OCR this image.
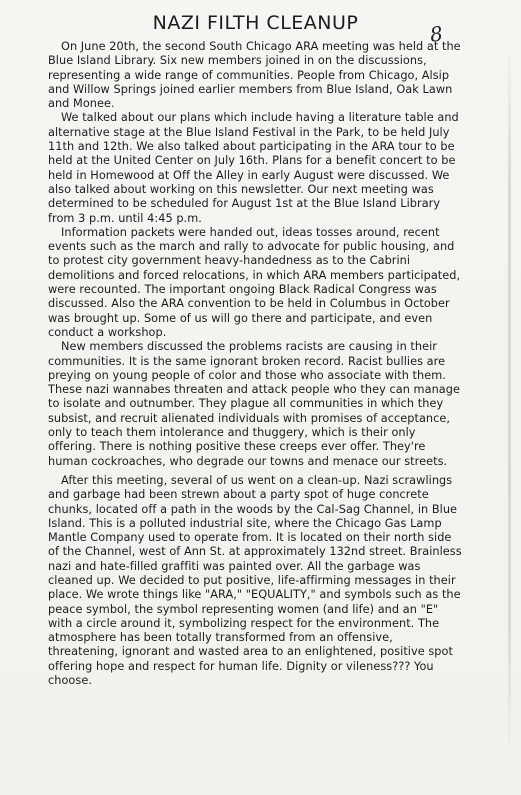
NAZI FILTH CLEANUP	8

On June 20th, the second South Chicago ARA meeting was held at the Blue Island Library. Six new members joined in on the discussions, representing a wide range of communities. People from Chicago, Alsip and Willow Springs joined earlier members from Blue Island, Oak Lawn and Monee.

We talked about our plans which include having a literature table and alternative stage at the Blue Island Festival in the Park, to be held July 11th and 12th. We also talked about participating in the ARA tour to be held at the United Center on July 16th. Plans for a benefit concert to be held in Homewood at Off the Alley in early August were discussed. We also talked about working on this newsletter. Our next meeting was determined to be scheduled for August 1st at the Blue Island Library from 3 p.m. until 4:45 p.m.

Information packets were handed out, ideas tosses around, recent events such as the march and rally to advocate for public housing, and to protest city government heavy-handedness as to the Cabrini demolitions and forced relocations, in which ARA members participated, were recounted. The important ongoing Black Radical Congress was discussed. Also the ARA convention to be held in Columbus in October was brought up. Some of us will go there and participate, and even conduct a workshop.

New members discussed the problems racists are causing in their communities. It is the same ignorant broken record. Racist bullies are preying on young people of color and those who associate with them. These nazi wannabes threaten and attack people who they can manage to isolate and outnumber. They plague all communities in which they subsist, and recruit alienated individuals with promises of acceptance, only to teach them intolerance and thuggery, which is their only offering. There is nothing positive these creeps ever offer. They're human cockroaches, who degrade our towns and menace our streets.

After this meeting, several of us went on a clean-up. Nazi scrawlings and garbage had been strewn about a party spot of huge concrete chunks, located off a path in the woods by the Cal-Sag Channel, in Blue Island. This is a polluted industrial site, where the Chicago Gas Lamp Mantle Company used to operate from. It is located on their north side of the Channel, west of Ann St. at approximately 132nd street. Brainless nazi and hate-filled graffiti was painted over. All the garbage was cleaned up. We decided to put positive, life-affirming messages in their place. We wrote things like "ARA," "EQUALITY," and symbols such as the peace symbol, the symbol representing women (and life) and an "E" with a circle around it, symbolizing respect for the environment. The atmosphere has been totally transformed from an offensive, threatening, ignorant and wasted area to an enlightened, positive spot offering hope and respect for human life. Dignity or vileness??? You choose.
